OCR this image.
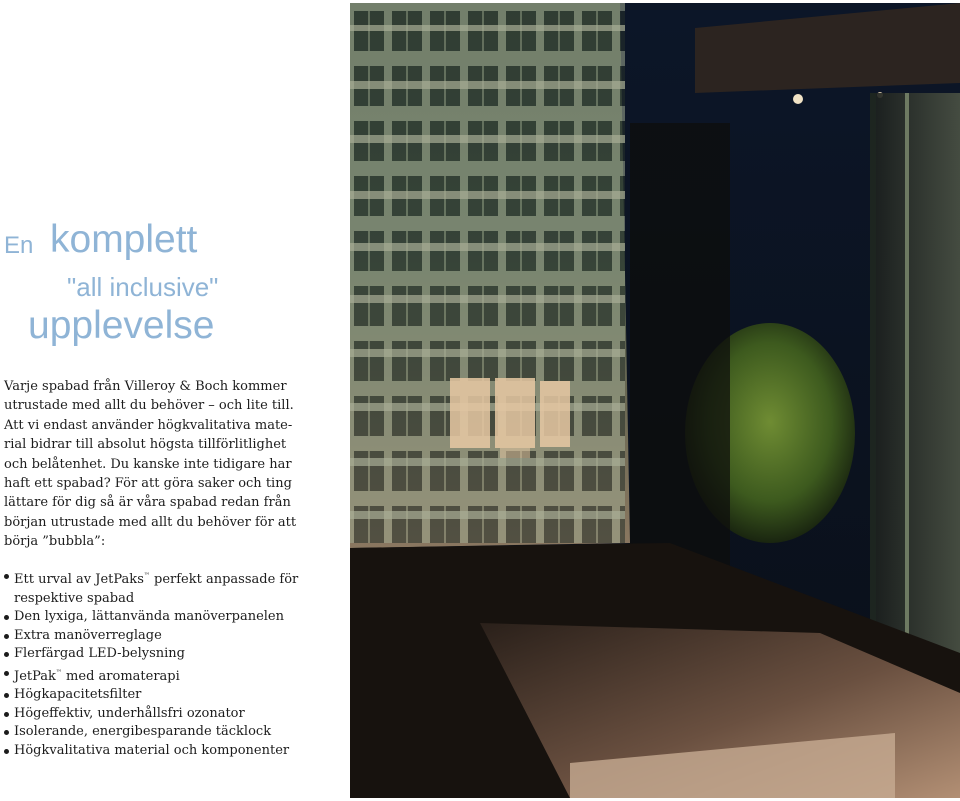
En komplett
"all inclusive"
upplevelse
Varje spabad från Villeroy & Boch kommer
utrustade med allt du behöver – och lite till.
Att vi endast använder högkvalitativa mate-
rial bidrar till absolut högsta tillförlitlighet
och belåtenhet. Du kanske inte tidigare har
haft ett spabad? För att göra saker och ting
lättare för dig så är våra spabad redan från
början utrustade med allt du behöver för att
börja ”bubbla”:
Ett urval av JetPaks™ perfekt anpassade för
respektive spabad
Den lyxiga, lättanvända manöverpanelen
Extra manöverreglage
Flerfärgad LED-belysning
JetPak™ med aromaterapi
Högkapacitetsfilter
Högeffektiv, underhållsfri ozonator
Isolerande, energibesparande täcklock
Högkvalitativa material och komponenter
